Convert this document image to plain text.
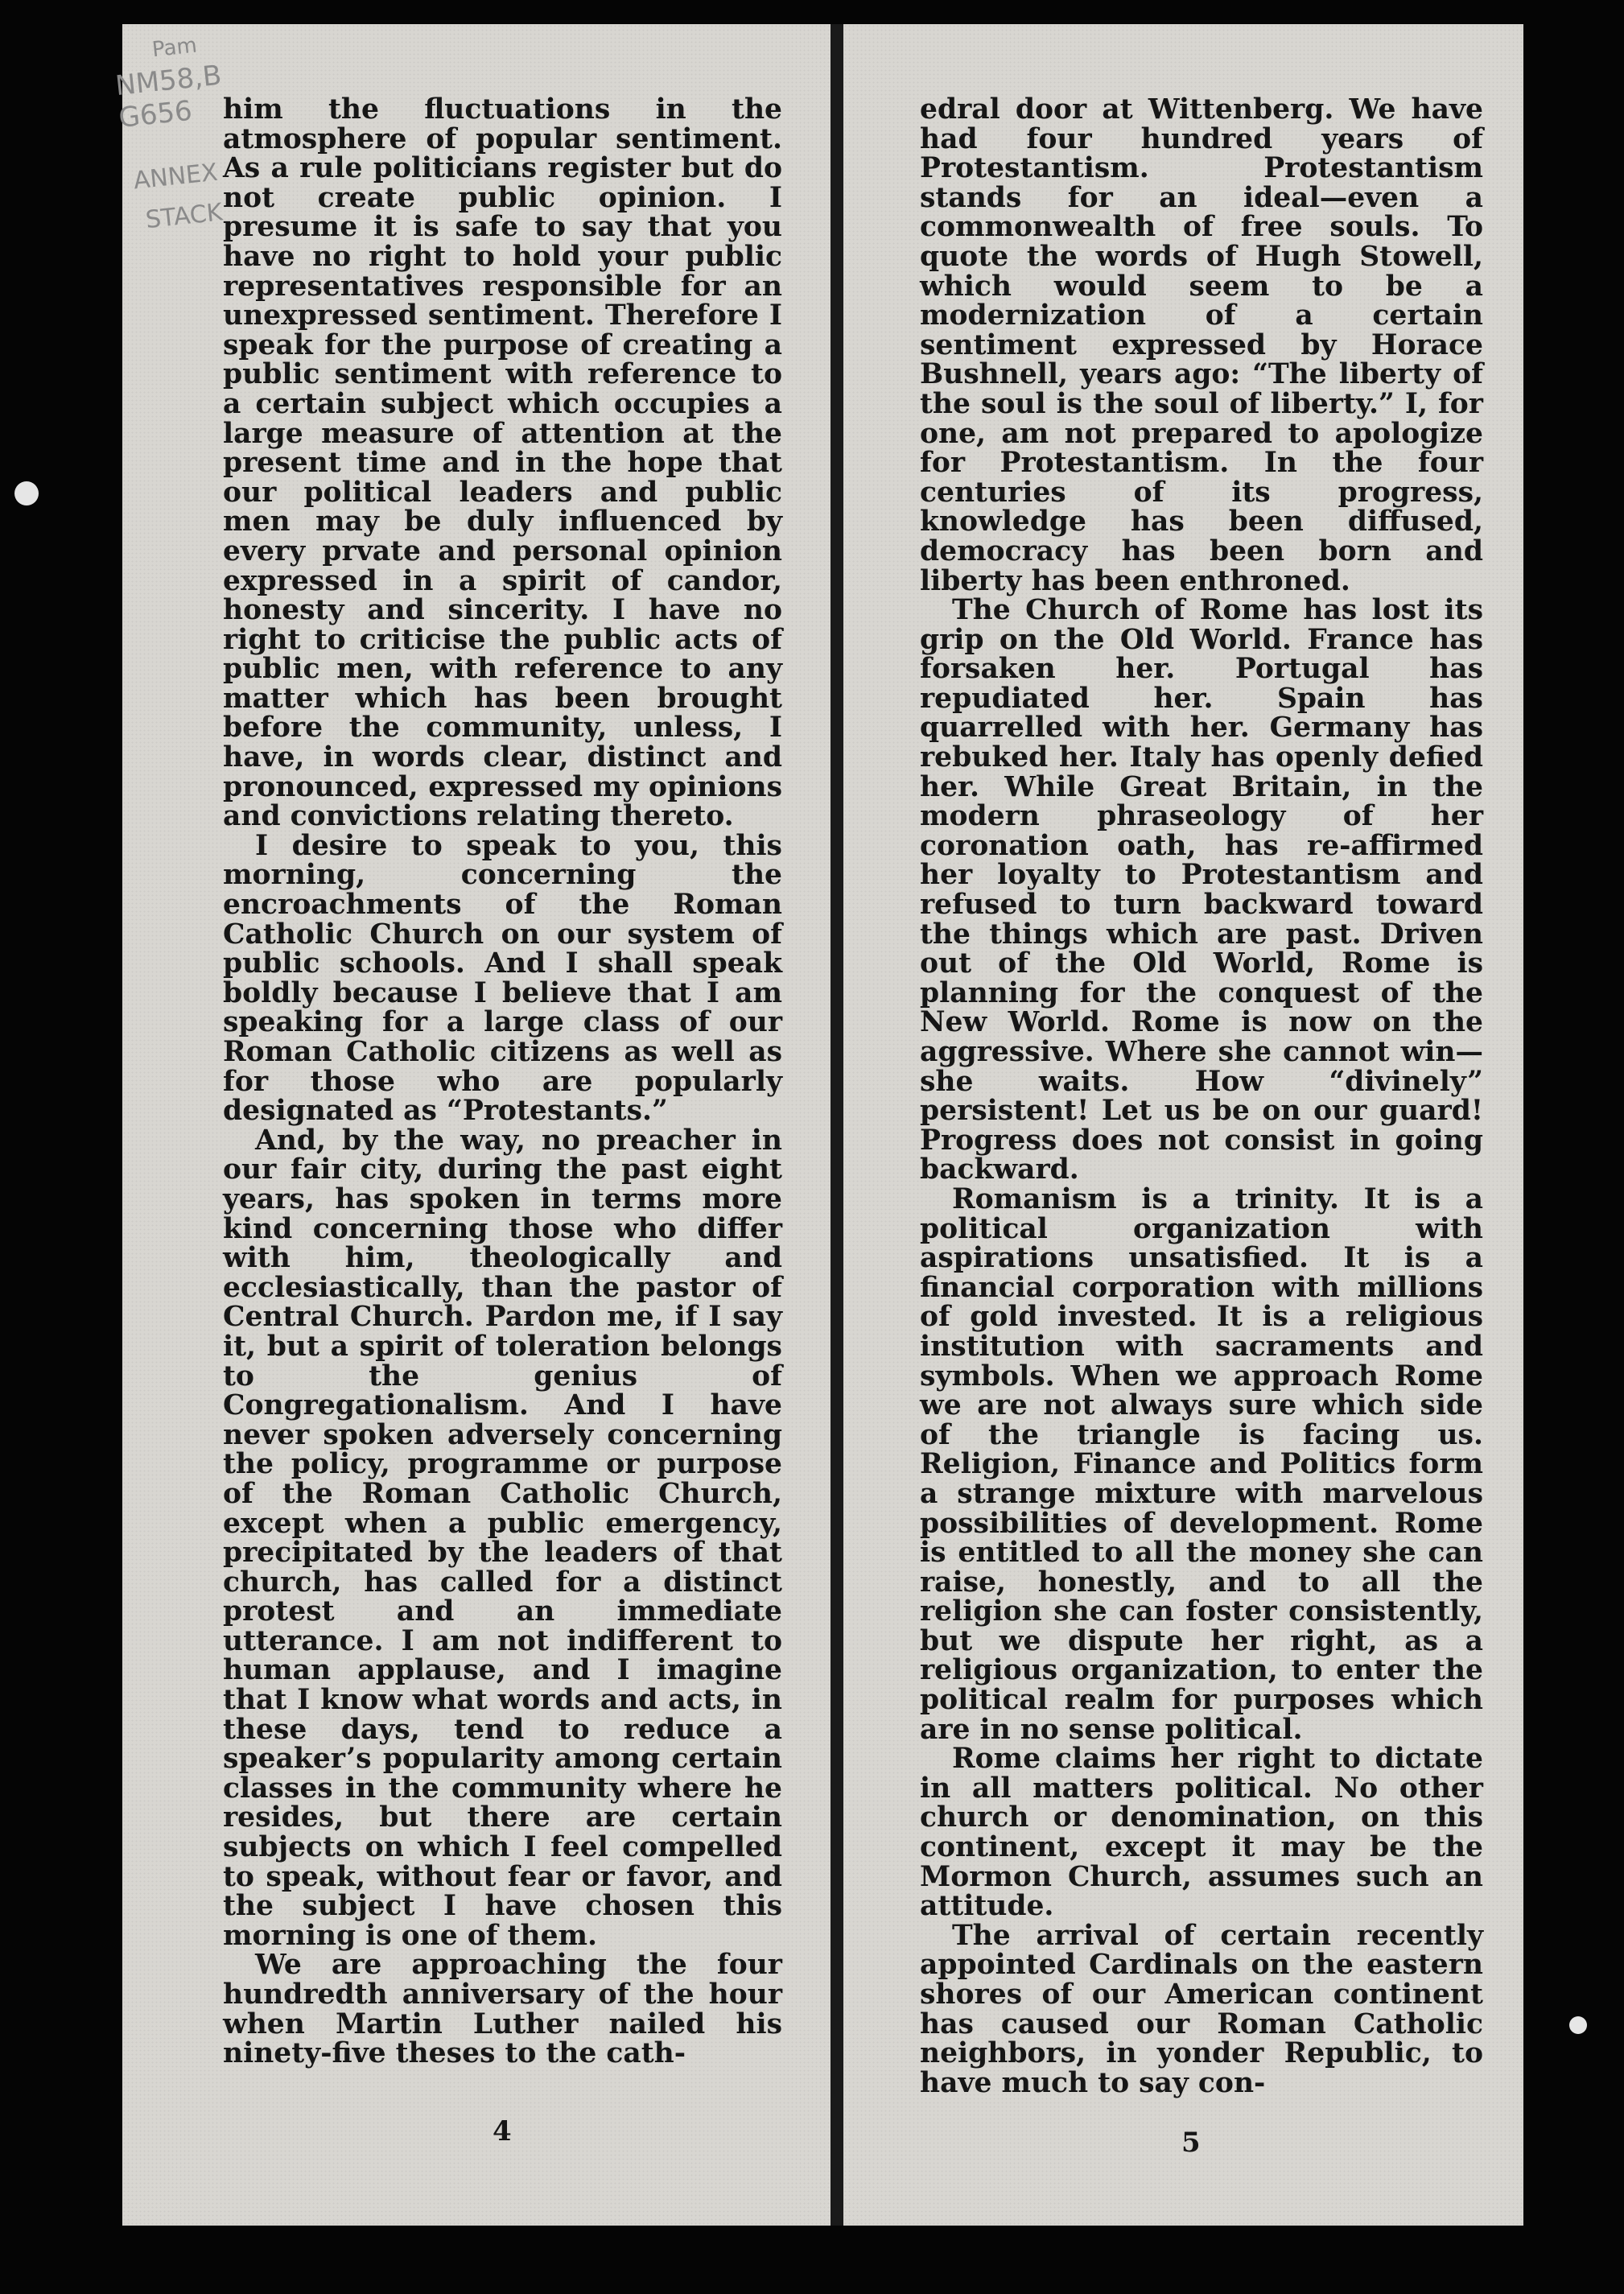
him the fluctuations in the atmosphere of popular sentiment. As a rule politicians register but do not create public opinion. I presume it is safe to say that you have no right to hold your public representatives responsible for an unexpressed sentiment. Therefore I speak for the purpose of creating a public sentiment with reference to a certain subject which occupies a large measure of attention at the present time and in the hope that our political leaders and public men may be duly influenced by every prvate and personal opinion expressed in a spirit of candor, honesty and sincerity. I have no right to criticise the public acts of public men, with reference to any matter which has been brought before the community, unless, I have, in words clear, distinct and pronounced, expressed my opinions and convictions relating thereto.

I desire to speak to you, this morning, concerning the encroachments of the Roman Catholic Church on our system of public schools. And I shall speak boldly because I believe that I am speaking for a large class of our Roman Catholic citizens as well as for those who are popularly designated as “Protestants.”

And, by the way, no preacher in our fair city, during the past eight years, has spoken in terms more kind concerning those who differ with him, theologically and ecclesiastically, than the pastor of Central Church. Pardon me, if I say it, but a spirit of toleration belongs to the genius of Congregationalism. And I have never spoken adversely concerning the policy, programme or purpose of the Roman Catholic Church, except when a public emergency, precipitated by the leaders of that church, has called for a distinct protest and an immediate utterance. I am not indifferent to human applause, and I imagine that I know what words and acts, in these days, tend to reduce a speaker’s popularity among certain classes in the community where he resides, but there are certain subjects on which I feel compelled to speak, without fear or favor, and the subject I have chosen this morning is one of them.

We are approaching the four hundredth anniversary of the hour when Martin Luther nailed his ninety-five theses to the cath-

4

edral door at Wittenberg. We have had four hundred years of Protestantism. Protestantism stands for an ideal—even a commonwealth of free souls. To quote the words of Hugh Stowell, which would seem to be a modernization of a certain sentiment expressed by Horace Bushnell, years ago: “The liberty of the soul is the soul of liberty.” I, for one, am not prepared to apologize for Protestantism. In the four centuries of its progress, knowledge has been diffused, democracy has been born and liberty has been enthroned.

The Church of Rome has lost its grip on the Old World. France has forsaken her. Portugal has repudiated her. Spain has quarrelled with her. Germany has rebuked her. Italy has openly defied her. While Great Britain, in the modern phraseology of her coronation oath, has re-affirmed her loyalty to Protestantism and refused to turn backward toward the things which are past. Driven out of the Old World, Rome is planning for the conquest of the New World. Rome is now on the aggressive. Where she cannot win—she waits. How “divinely” persistent! Let us be on our guard! Progress does not consist in going backward.

Romanism is a trinity. It is a political organization with aspirations unsatisfied. It is a financial corporation with millions of gold invested. It is a religious institution with sacraments and symbols. When we approach Rome we are not always sure which side of the triangle is facing us. Religion, Finance and Politics form a strange mixture with marvelous possibilities of development. Rome is entitled to all the money she can raise, honestly, and to all the religion she can foster consistently, but we dispute her right, as a religious organization, to enter the political realm for purposes which are in no sense political.

Rome claims her right to dictate in all matters political. No other church or denomination, on this continent, except it may be the Mormon Church, assumes such an attitude.

The arrival of certain recently appointed Cardinals on the eastern shores of our American continent has caused our Roman Catholic neighbors, in yonder Republic, to have much to say con-

5
Pam
NM58,B
G656
ANNEX
STACK
